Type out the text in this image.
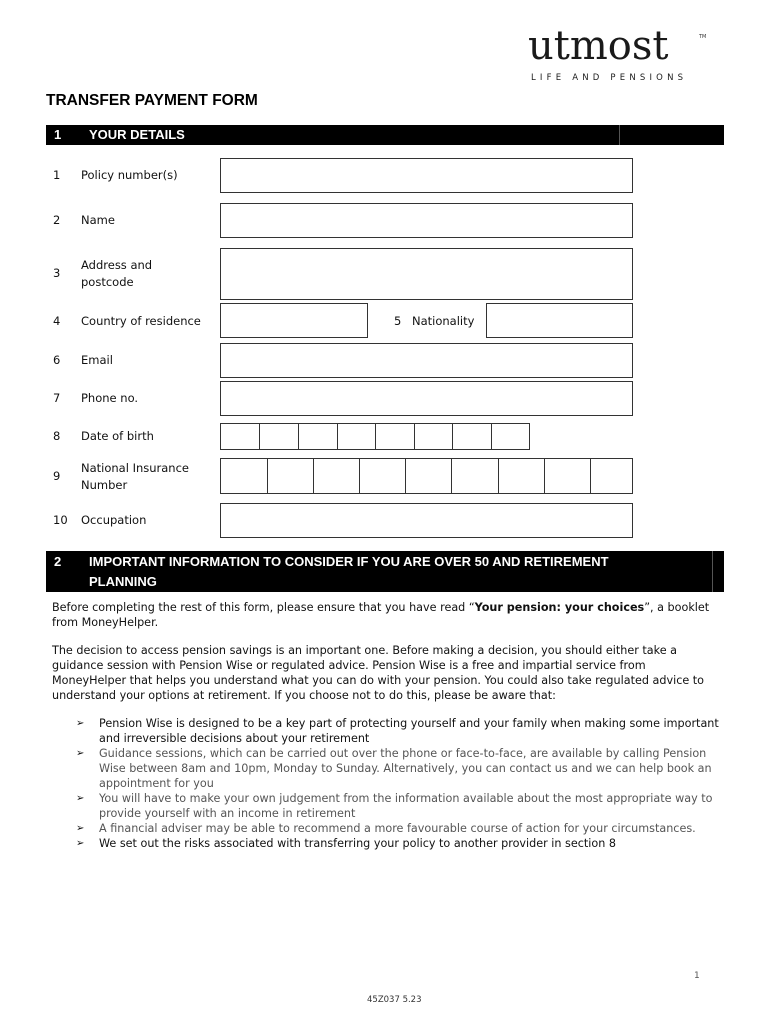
utmost	TM
LIFE AND PENSIONS
TRANSFER PAYMENT FORM
1 YOUR DETAILS
1 Policy number(s)
2 Name
3
Address and
postcode
4 Country of residence	5 Nationality
6 Email
7 Phone no.
8 Date of birth
9
National Insurance
Number
10 Occupation
2 IMPORTANT INFORMATION TO CONSIDER IF YOU ARE OVER 50 AND RETIREMENT
PLANNING
Before completing the rest of this form, please ensure that you have read “Your pension: your choices”, a booklet from MoneyHelper.
The decision to access pension savings is an important one. Before making a decision, you should either take a guidance session with Pension Wise or regulated advice. Pension Wise is a free and impartial service from MoneyHelper that helps you understand what you can do with your pension. You could also take regulated advice to understand your options at retirement. If you choose not to do this, please be aware that:
➢ Pension Wise is designed to be a key part of protecting yourself and your family when making some important and irreversible decisions about your retirement
➢ Guidance sessions, which can be carried out over the phone or face-to-face, are available by calling Pension Wise between 8am and 10pm, Monday to Sunday. Alternatively, you can contact us and we can help book an appointment for you
➢ You will have to make your own judgement from the information available about the most appropriate way to provide yourself with an income in retirement
➢ A financial adviser may be able to recommend a more favourable course of action for your circumstances.
➢ We set out the risks associated with transferring your policy to another provider in section 8
1
45Z037 5.23
